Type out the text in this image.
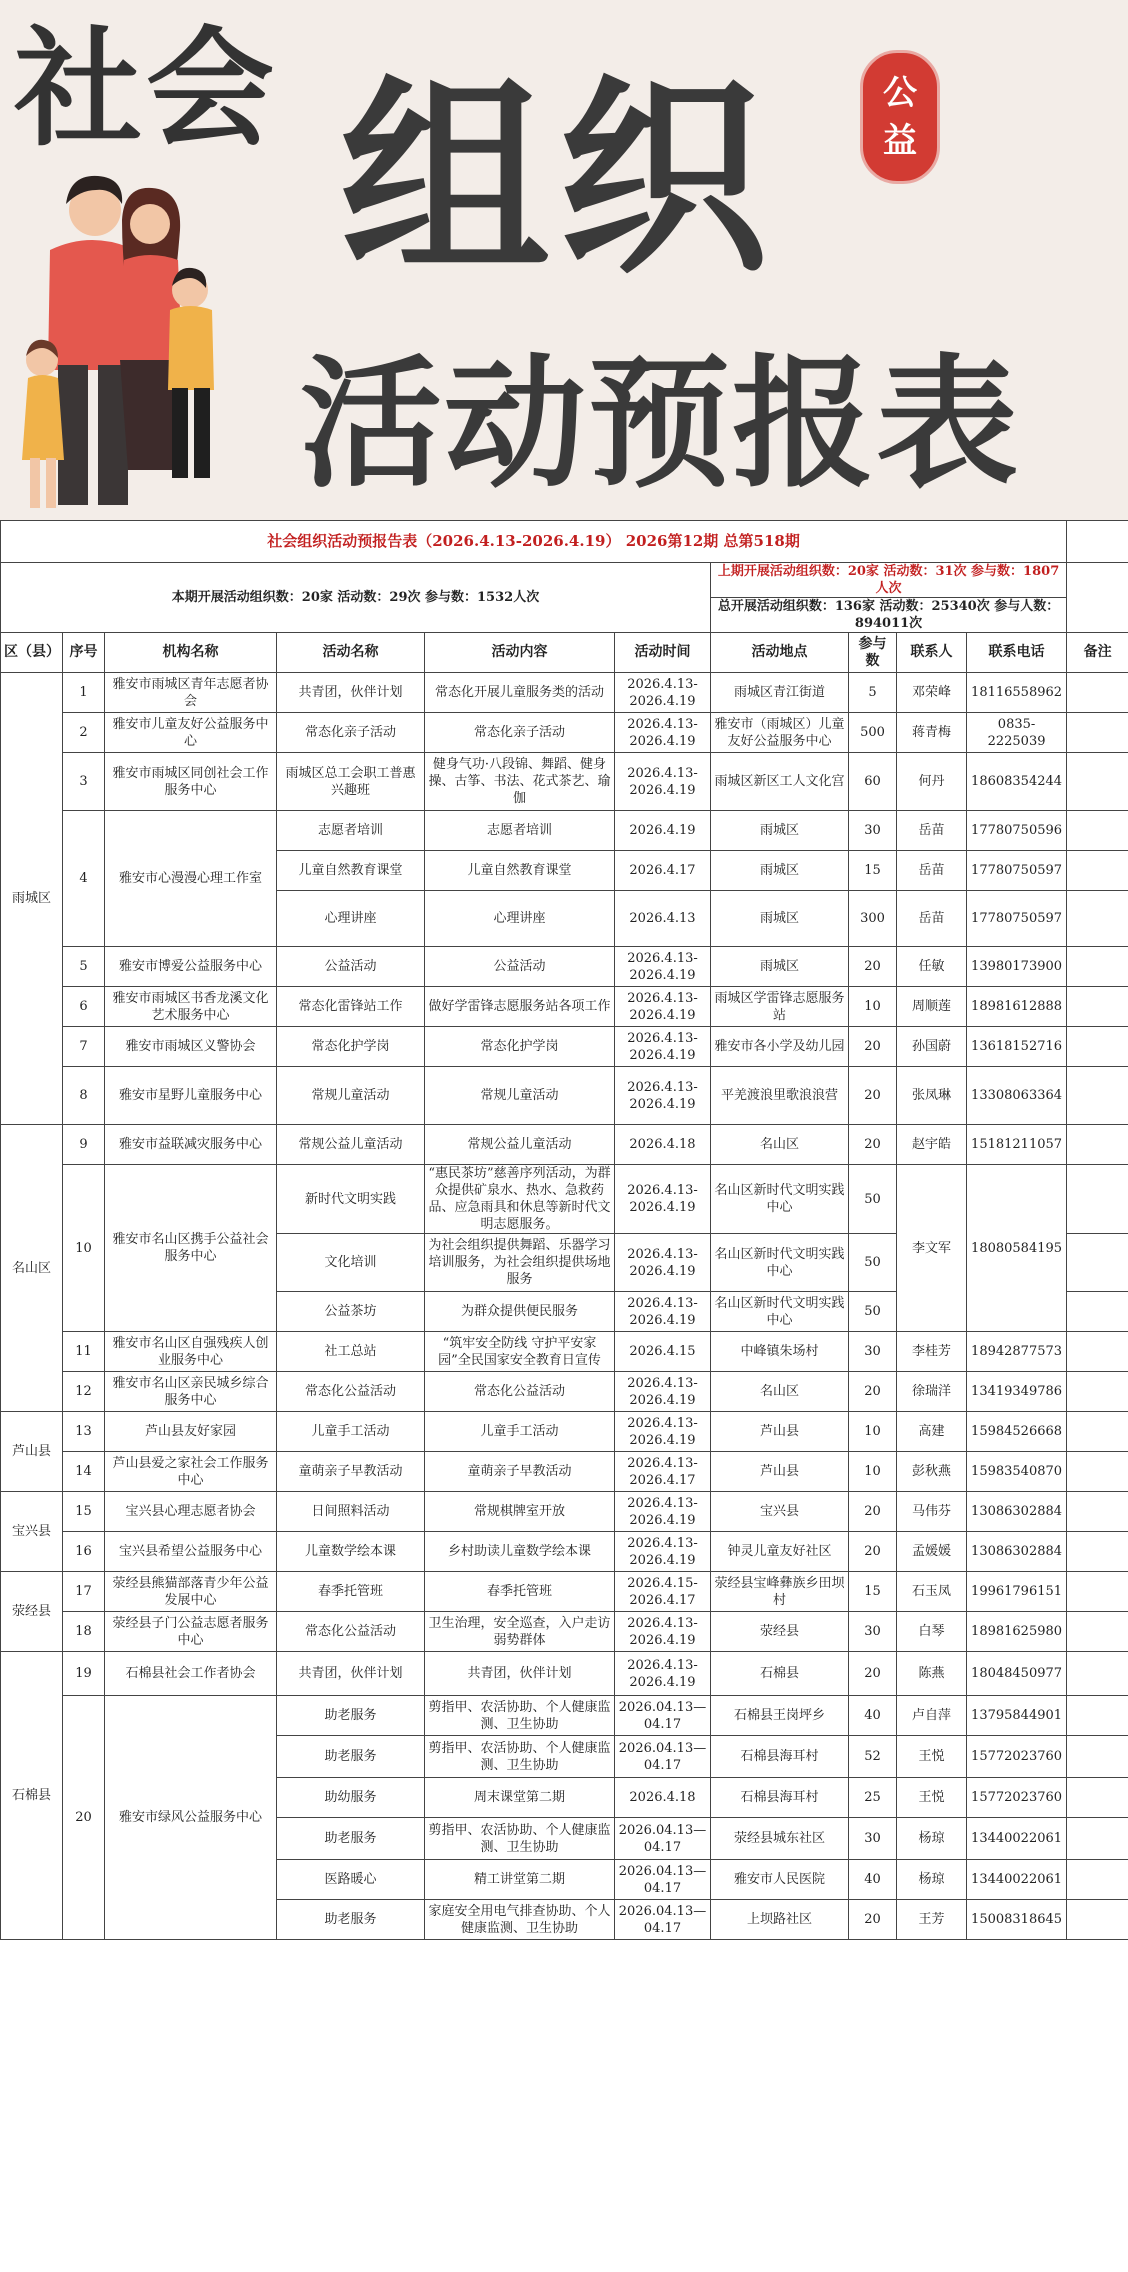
社会 组织
活动预报表
公
益
社会组织活动预报告表（2026.4.13-2026.4.19） 2026第12期 总第518期										
本期开展活动组织数：20家 活动数：29次 参与数：1532人次						上期开展活动组织数：20家 活动数：31次 参与数：1807人次				
						总开展活动组织数：136家 活动数：25340次 参与人数：894011次				
区（县）	序号	机构名称	活动名称	活动内容	活动时间	活动地点	参与数	联系人	联系电话	备注
雨城区	1	雅安市雨城区青年志愿者协会	共青团，伙伴计划	常态化开展儿童服务类的活动	2026.4.13-2026.4.19	雨城区青江街道	5	邓荣峰	18116558962	
	2	雅安市儿童友好公益服务中心	常态化亲子活动	常态化亲子活动	2026.4.13-2026.4.19	雅安市（雨城区）儿童友好公益服务中心	500	蒋青梅	0835-2225039	
	3	雅安市雨城区同创社会工作服务中心	雨城区总工会职工普惠兴趣班	健身气功·八段锦、舞蹈、健身操、古筝、书法、花式茶艺、瑜伽	2026.4.13-2026.4.19	雨城区新区工人文化宫	60	何丹	18608354244	
	4	雅安市心漫漫心理工作室	志愿者培训	志愿者培训	2026.4.19	雨城区	30	岳苗	17780750596	
			儿童自然教育课堂	儿童自然教育课堂	2026.4.17	雨城区	15	岳苗	17780750597	
			心理讲座	心理讲座	2026.4.13	雨城区	300	岳苗	17780750597	
	5	雅安市博爱公益服务中心	公益活动	公益活动	2026.4.13-2026.4.19	雨城区	20	任敏	13980173900	
	6	雅安市雨城区书香龙溪文化艺术服务中心	常态化雷锋站工作	做好学雷锋志愿服务站各项工作	2026.4.13-2026.4.19	雨城区学雷锋志愿服务站	10	周顺莲	18981612888	
	7	雅安市雨城区义警协会	常态化护学岗	常态化护学岗	2026.4.13-2026.4.19	雅安市各小学及幼儿园	20	孙国蔚	13618152716	
	8	雅安市星野儿童服务中心	常规儿童活动	常规儿童活动	2026.4.13-2026.4.19	平羌渡浪里歌浪浪营	20	张凤琳	13308063364	
名山区	9	雅安市益联减灾服务中心	常规公益儿童活动	常规公益儿童活动	2026.4.18	名山区	20	赵宇皓	15181211057	
	10	雅安市名山区携手公益社会服务中心	新时代文明实践	“惠民茶坊”慈善序列活动，为群众提供矿泉水、热水、急救药品、应急雨具和休息等新时代文明志愿服务。	2026.4.13-2026.4.19	名山区新时代文明实践中心	50	李文军	18080584195	
			文化培训	为社会组织提供舞蹈、乐器学习培训服务，为社会组织提供场地服务	2026.4.13-2026.4.19	名山区新时代文明实践中心	50			
			公益茶坊	为群众提供便民服务	2026.4.13-2026.4.19	名山区新时代文明实践中心	50			
	11	雅安市名山区自强残疾人创业服务中心	社工总站	“筑牢安全防线 守护平安家园”全民国家安全教育日宣传	2026.4.15	中峰镇朱场村	30	李桂芳	18942877573	
	12	雅安市名山区亲民城乡综合服务中心	常态化公益活动	常态化公益活动	2026.4.13-2026.4.19	名山区	20	徐瑞洋	13419349786	
芦山县	13	芦山县友好家园	儿童手工活动	儿童手工活动	2026.4.13-2026.4.19	芦山县	10	高建	15984526668	
	14	芦山县爱之家社会工作服务中心	童萌亲子早教活动	童萌亲子早教活动	2026.4.13-2026.4.17	芦山县	10	彭秋燕	15983540870	
宝兴县	15	宝兴县心理志愿者协会	日间照料活动	常规棋牌室开放	2026.4.13-2026.4.19	宝兴县	20	马伟芬	13086302884	
	16	宝兴县希望公益服务中心	儿童数学绘本课	乡村助读儿童数学绘本课	2026.4.13-2026.4.19	钟灵儿童友好社区	20	孟媛媛	13086302884	
荥经县	17	荥经县熊猫部落青少年公益发展中心	春季托管班	春季托管班	2026.4.15-2026.4.17	荥经县宝峰彝族乡田坝村	15	石玉凤	19961796151	
	18	荥经县子门公益志愿者服务中心	常态化公益活动	卫生治理，安全巡查，入户走访弱势群体	2026.4.13-2026.4.19	荥经县	30	白琴	18981625980	
石棉县	19	石棉县社会工作者协会	共青团，伙伴计划	共青团，伙伴计划	2026.4.13-2026.4.19	石棉县	20	陈燕	18048450977	
	20	雅安市绿风公益服务中心	助老服务	剪指甲、农活协助、个人健康监测、卫生协助	2026.04.13—04.17	石棉县王岗坪乡	40	卢自萍	13795844901	
			助老服务	剪指甲、农活协助、个人健康监测、卫生协助	2026.04.13—04.17	石棉县海耳村	52	王悦	15772023760	
			助幼服务	周末课堂第二期	2026.4.18	石棉县海耳村	25	王悦	15772023760	
			助老服务	剪指甲、农活协助、个人健康监测、卫生协助	2026.04.13—04.17	荥经县城东社区	30	杨琼	13440022061	
			医路暖心	精工讲堂第二期	2026.04.13—04.17	雅安市人民医院	40	杨琼	13440022061	
			助老服务	家庭安全用电气排查协助、个人健康监测、卫生协助	2026.04.13—04.17	上坝路社区	20	王芳	15008318645	
